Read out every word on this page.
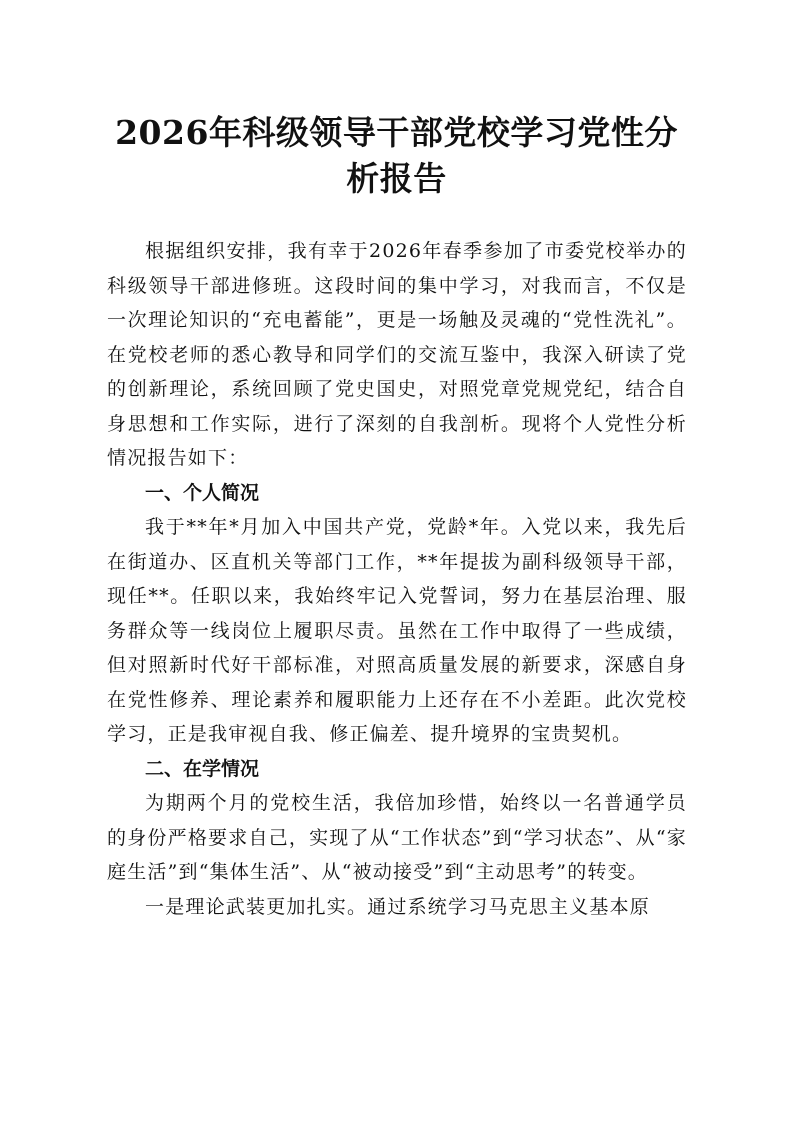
2026年科级领导干部党校学习党性分析报告

根据组织安排，我有幸于2026年春季参加了市委党校举办的科级领导干部进修班。这段时间的集中学习，对我而言，不仅是一次理论知识的“充电蓄能”，更是一场触及灵魂的“党性洗礼”。在党校老师的悉心教导和同学们的交流互鉴中，我深入研读了党的创新理论，系统回顾了党史国史，对照党章党规党纪，结合自身思想和工作实际，进行了深刻的自我剖析。现将个人党性分析情况报告如下：

一、个人简况

我于**年*月加入中国共产党，党龄*年。入党以来，我先后在街道办、区直机关等部门工作，**年提拔为副科级领导干部，现任**。任职以来，我始终牢记入党誓词，努力在基层治理、服务群众等一线岗位上履职尽责。虽然在工作中取得了一些成绩，但对照新时代好干部标准，对照高质量发展的新要求，深感自身在党性修养、理论素养和履职能力上还存在不小差距。此次党校学习，正是我审视自我、修正偏差、提升境界的宝贵契机。

二、在学情况

为期两个月的党校生活，我倍加珍惜，始终以一名普通学员的身份严格要求自己，实现了从“工作状态”到“学习状态”、从“家庭生活”到“集体生活”、从“被动接受”到“主动思考”的转变。

一是理论武装更加扎实。通过系统学习马克思主义基本原
